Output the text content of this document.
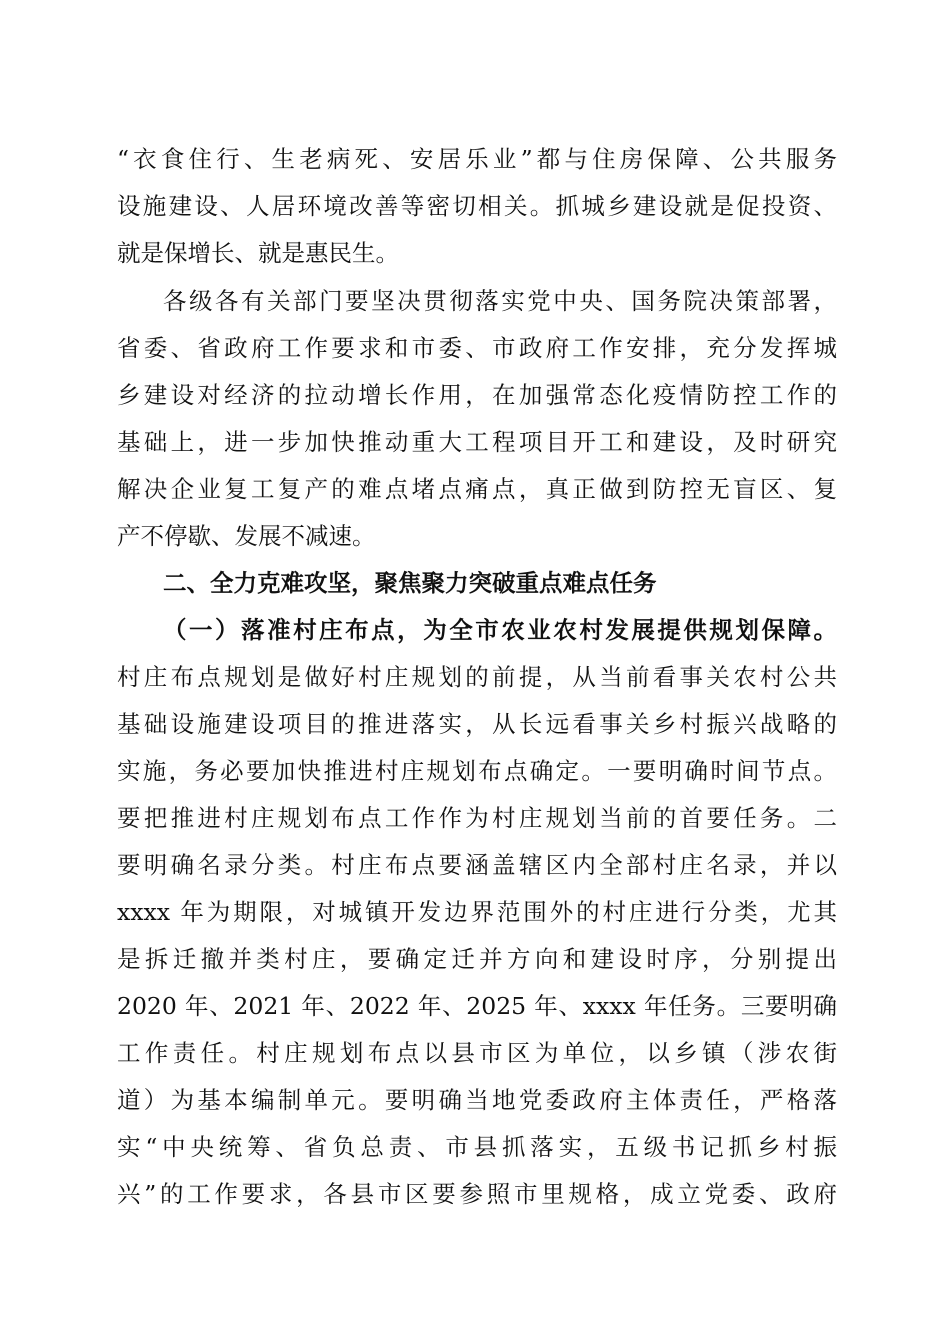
“衣食住行、生老病死、安居乐业”都与住房保障、公共服务
设施建设、人居环境改善等密切相关。抓城乡建设就是促投资、
就是保增长、就是惠民生。
各级各有关部门要坚决贯彻落实党中央、国务院决策部署，
省委、省政府工作要求和市委、市政府工作安排，充分发挥城
乡建设对经济的拉动增长作用，在加强常态化疫情防控工作的
基础上，进一步加快推动重大工程项目开工和建设，及时研究
解决企业复工复产的难点堵点痛点，真正做到防控无盲区、复
产不停歇、发展不减速。
二、全力克难攻坚，聚焦聚力突破重点难点任务
（一）落准村庄布点，为全市农业农村发展提供规划保障。
村庄布点规划是做好村庄规划的前提，从当前看事关农村公共
基础设施建设项目的推进落实，从长远看事关乡村振兴战略的
实施，务必要加快推进村庄规划布点确定。一要明确时间节点。
要把推进村庄规划布点工作作为村庄规划当前的首要任务。二
要明确名录分类。村庄布点要涵盖辖区内全部村庄名录，并以
xxxx 年为期限，对城镇开发边界范围外的村庄进行分类，尤其
是拆迁撤并类村庄，要确定迁并方向和建设时序，分别提出
2020 年、2021 年、2022 年、2025 年、xxxx 年任务。三要明确
工作责任。村庄规划布点以县市区为单位，以乡镇（涉农街
道）为基本编制单元。要明确当地党委政府主体责任，严格落
实“中央统筹、省负总责、市县抓落实，五级书记抓乡村振
兴”的工作要求，各县市区要参照市里规格，成立党委、政府
